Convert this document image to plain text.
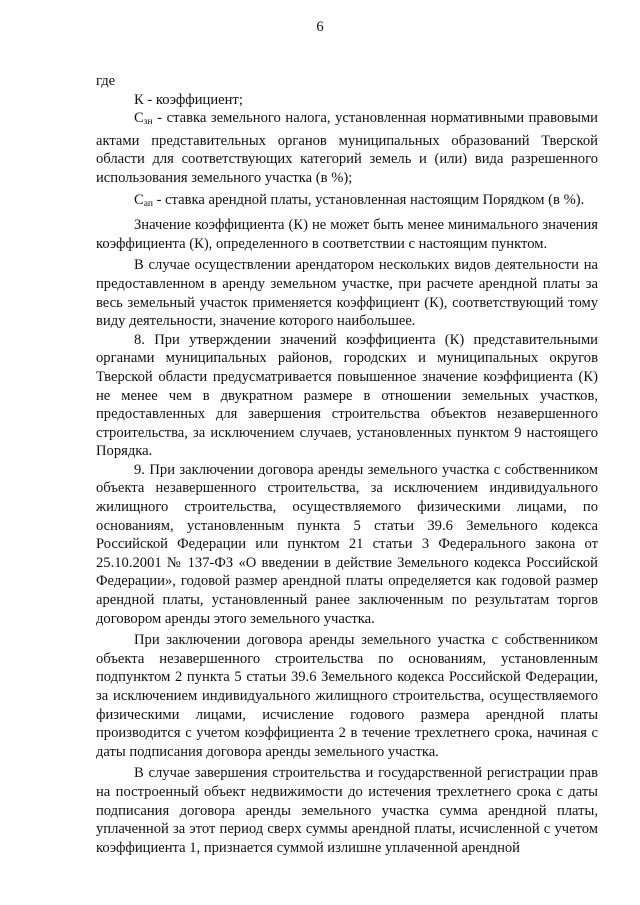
6

где

К - коэффициент;

$С_{зн}$ - ставка земельного налога, установленная нормативными правовыми актами представительных органов муниципальных образований Тверской области для соответствующих категорий земель и (или) вида разрешенного использования земельного участка (в %);

$С_{ап}$ - ставка арендной платы, установленная настоящим Порядком (в %).

Значение коэффициента (К) не может быть менее минимального значения коэффициента (К), определенного в соответствии с настоящим пунктом.

В случае осуществлении арендатором нескольких видов деятельности на предоставленном в аренду земельном участке, при расчете арендной платы за весь земельный участок применяется коэффициент (К), соответствующий тому виду деятельности, значение которого наибольшее.

8. При утверждении значений коэффициента (К) представительными органами муниципальных районов, городских и муниципальных округов Тверской области предусматривается повышенное значение коэффициента (К) не менее чем в двукратном размере в отношении земельных участков, предоставленных для завершения строительства объектов незавершенного строительства, за исключением случаев, установленных пунктом 9 настоящего Порядка.

9. При заключении договора аренды земельного участка с собственником объекта незавершенного строительства, за исключением индивидуального жилищного строительства, осуществляемого физическими лицами, по основаниям, установленным пункта 5 статьи 39.6 Земельного кодекса Российской Федерации или пунктом 21 статьи 3 Федерального закона от 25.10.2001 № 137-ФЗ «О введении в действие Земельного кодекса Российской Федерации», годовой размер арендной платы определяется как годовой размер арендной платы, установленный ранее заключенным по результатам торгов договором аренды этого земельного участка.

При заключении договора аренды земельного участка с собственником объекта незавершенного строительства по основаниям, установленным подпунктом 2 пункта 5 статьи 39.6 Земельного кодекса Российской Федерации, за исключением индивидуального жилищного строительства, осуществляемого физическими лицами, исчисление годового размера арендной платы производится с учетом коэффициента 2 в течение трехлетнего срока, начиная с даты подписания договора аренды земельного участка.

В случае завершения строительства и государственной регистрации прав на построенный объект недвижимости до истечения трехлетнего срока с даты подписания договора аренды земельного участка сумма арендной платы, уплаченной за этот период сверх суммы арендной платы, исчисленной с учетом коэффициента 1, признается суммой излишне уплаченной арендной
